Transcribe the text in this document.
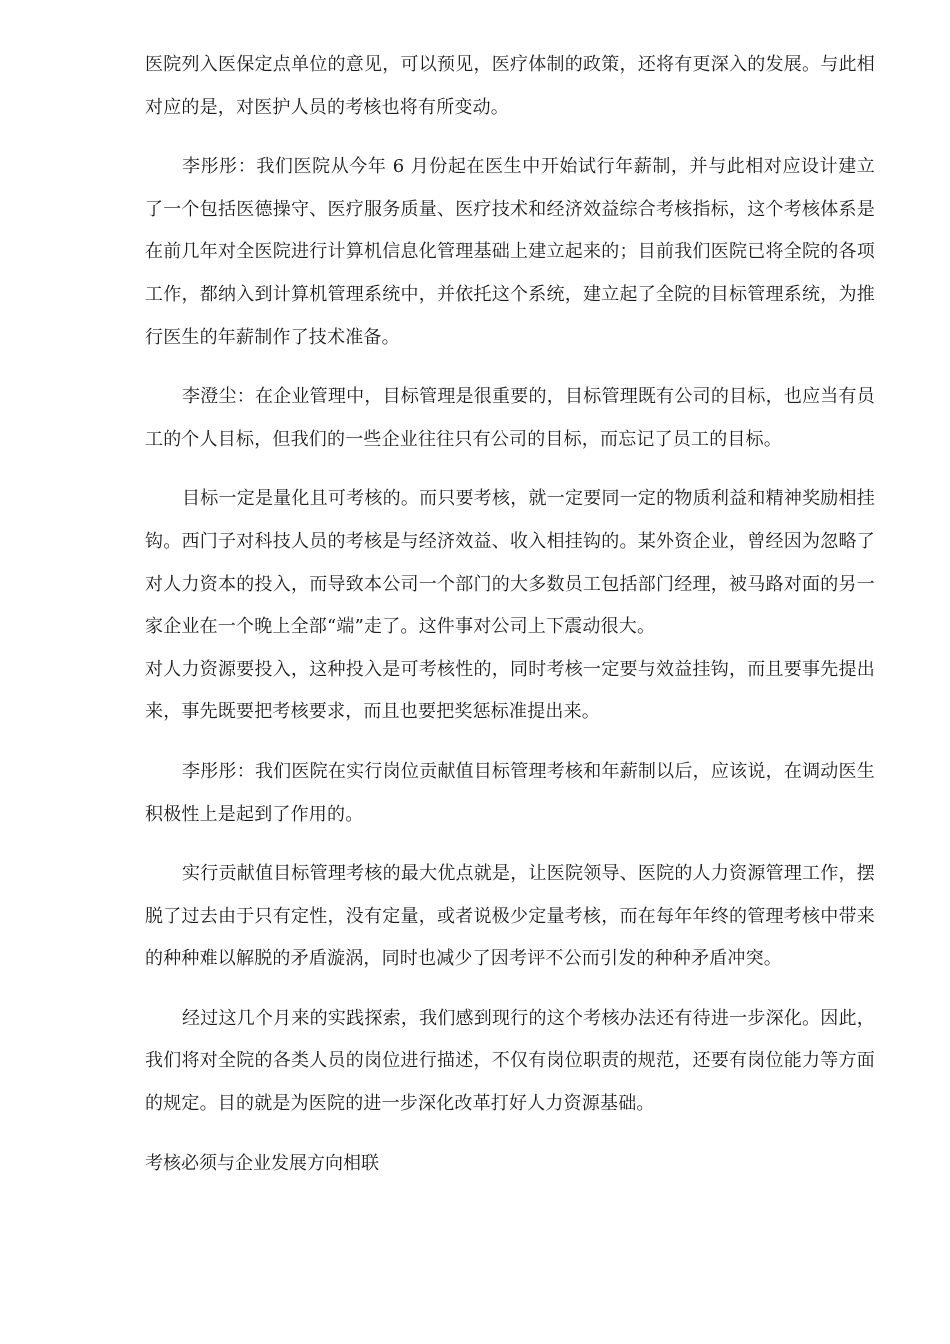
医院列入医保定点单位的意见，可以预见，医疗体制的政策，还将有更深入的发展。与此相对应的是，对医护人员的考核也将有所变动。

李彤彤：我们医院从今年 6 月份起在医生中开始试行年薪制，并与此相对应设计建立了一个包括医德操守、医疗服务质量、医疗技术和经济效益综合考核指标，这个考核体系是在前几年对全医院进行计算机信息化管理基础上建立起来的；目前我们医院已将全院的各项工作，都纳入到计算机管理系统中，并依托这个系统，建立起了全院的目标管理系统，为推行医生的年薪制作了技术准备。

李澄尘：在企业管理中，目标管理是很重要的，目标管理既有公司的目标，也应当有员工的个人目标，但我们的一些企业往往只有公司的目标，而忘记了员工的目标。

目标一定是量化且可考核的。而只要考核，就一定要同一定的物质利益和精神奖励相挂钩。西门子对科技人员的考核是与经济效益、收入相挂钩的。某外资企业，曾经因为忽略了对人力资本的投入，而导致本公司一个部门的大多数员工包括部门经理，被马路对面的另一家企业在一个晚上全部“端”走了。这件事对公司上下震动很大。

对人力资源要投入，这种投入是可考核性的，同时考核一定要与效益挂钩，而且要事先提出来，事先既要把考核要求，而且也要把奖惩标准提出来。

李彤彤：我们医院在实行岗位贡献值目标管理考核和年薪制以后，应该说，在调动医生积极性上是起到了作用的。

实行贡献值目标管理考核的最大优点就是，让医院领导、医院的人力资源管理工作，摆脱了过去由于只有定性，没有定量，或者说极少定量考核，而在每年年终的管理考核中带来的种种难以解脱的矛盾漩涡，同时也减少了因考评不公而引发的种种矛盾冲突。

经过这几个月来的实践探索，我们感到现行的这个考核办法还有待进一步深化。因此，我们将对全院的各类人员的岗位进行描述，不仅有岗位职责的规范，还要有岗位能力等方面的规定。目的就是为医院的进一步深化改革打好人力资源基础。

考核必须与企业发展方向相联
